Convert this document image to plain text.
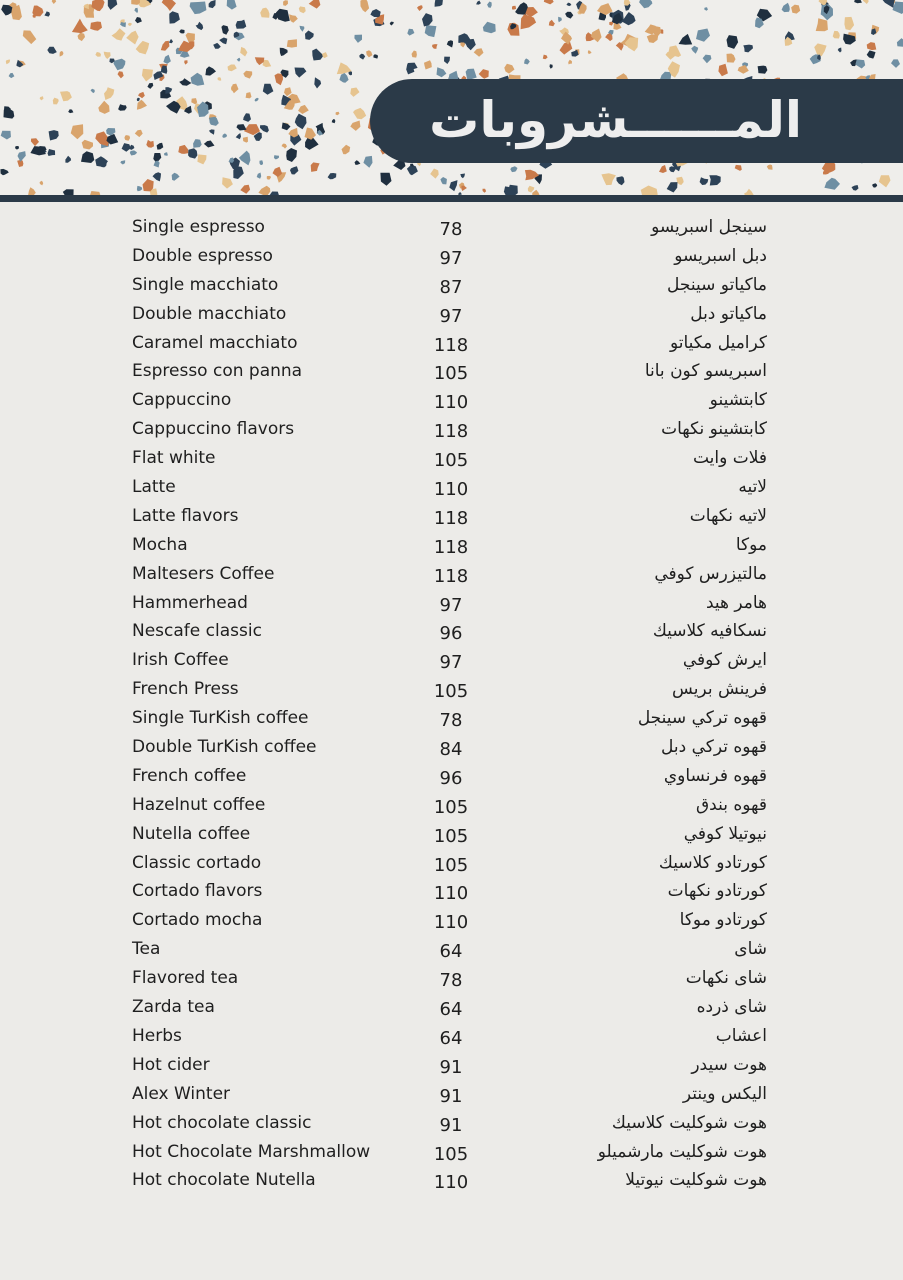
المــــــشروبات
Single espresso	78	سينجل اسبريسو
Double espresso	97	دبل اسبريسو
Single macchiato	87	ماكياتو سينجل
Double macchiato	97	ماكياتو دبل
Caramel macchiato	118	كراميل مكياتو
Espresso con panna	105	اسبريسو كون بانا
Cappuccino	110	كابتشينو
Cappuccino flavors	118	كابتشينو نكهات
Flat white	105	فلات وايت
Latte	110	لاتيه
Latte flavors	118	لاتيه نكهات
Mocha	118	موكا
Maltesers Coffee	118	مالتيزرس كوفي
Hammerhead	97	هامر هيد
Nescafe classic	96	نسكافيه كلاسيك
Irish Coffee	97	ايرش كوفي
French Press	105	فرينش بريس
Single TurKish coffee	78	قهوه تركي سينجل
Double TurKish coffee	84	قهوه تركي دبل
French coffee	96	قهوه فرنساوي
Hazelnut coffee	105	قهوه بندق
Nutella coffee	105	نيوتيلا كوفي
Classic cortado	105	كورتادو كلاسيك
Cortado flavors	110	كورتادو نكهات
Cortado mocha	110	كورتادو موكا
Tea	64	شاى
Flavored tea	78	شاى نكهات
Zarda tea	64	شاى ذرده
Herbs	64	اعشاب
Hot cider	91	هوت سيدر
Alex Winter	91	اليكس وينتر
Hot chocolate classic	91	هوت شوكليت كلاسيك
Hot Chocolate Marshmallow	105	هوت شوكليت مارشميلو
Hot chocolate Nutella	110	هوت شوكليت نيوتيلا
